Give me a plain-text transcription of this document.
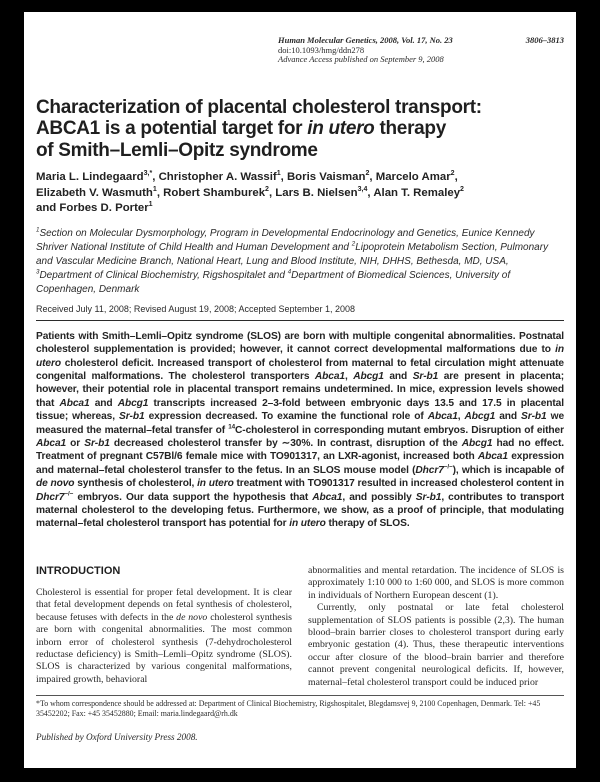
Human Molecular Genetics, 2008, Vol. 17, No. 23	3806–3813
doi:10.1093/hmg/ddn278
Advance Access published on September 9, 2008
Characterization of placental cholesterol transport:
ABCA1 is a potential target for in utero therapy
of Smith–Lemli–Opitz syndrome
Maria L. Lindegaard$^{3,*}$, Christopher A. Wassif$^1$, Boris Vaisman$^2$, Marcelo Amar$^2$,
Elizabeth V. Wasmuth$^1$, Robert Shamburek$^2$, Lars B. Nielsen$^{3,4}$, Alan T. Remaley$^2$
and Forbes D. Porter$^1$
$^1$Section on Molecular Dysmorphology, Program in Developmental Endocrinology and Genetics, Eunice Kennedy Shriver National Institute of Child Health and Human Development and $^2$Lipoprotein Metabolism Section, Pulmonary and Vascular Medicine Branch, National Heart, Lung and Blood Institute, NIH, DHHS, Bethesda, MD, USA, $^3$Department of Clinical Biochemistry, Rigshospitalet and $^4$Department of Biomedical Sciences, University of Copenhagen, Denmark
Received July 11, 2008; Revised August 19, 2008; Accepted September 1, 2008
Patients with Smith–Lemli–Opitz syndrome (SLOS) are born with multiple congenital abnormalities. Postnatal cholesterol supplementation is provided; however, it cannot correct developmental malformations due to in utero cholesterol deficit. Increased transport of cholesterol from maternal to fetal circulation might attenuate congenital malformations. The cholesterol transporters Abca1, Abcg1 and Sr-b1 are present in placenta; however, their potential role in placental transport remains undetermined. In mice, expression levels showed that Abca1 and Abcg1 transcripts increased 2–3-fold between embryonic days 13.5 and 17.5 in placental tissue; whereas, Sr-b1 expression decreased. To examine the functional role of Abca1, Abcg1 and Sr-b1 we measured the maternal–fetal transfer of $^{14}$C-cholesterol in corresponding mutant embryos. Disruption of either Abca1 or Sr-b1 decreased cholesterol transfer by ∼30%. In contrast, disruption of the Abcg1 had no effect. Treatment of pregnant C57Bl/6 female mice with TO901317, an LXR-agonist, increased both Abca1 expression and maternal–fetal cholesterol transfer to the fetus. In an SLOS mouse model (Dhcr7−/−), which is incapable of de novo synthesis of cholesterol, in utero treatment with TO901317 resulted in increased cholesterol content in Dhcr7−/− embryos. Our data support the hypothesis that Abca1, and possibly Sr-b1, contributes to transport maternal cholesterol to the developing fetus. Furthermore, we show, as a proof of principle, that modulating maternal–fetal cholesterol transport has potential for in utero therapy of SLOS.
INTRODUCTION

Cholesterol is essential for proper fetal development. It is clear that fetal development depends on fetal synthesis of cholesterol, because fetuses with defects in the de novo cholesterol synthesis are born with congenital abnormalities. The most common inborn error of cholesterol synthesis (7-dehydrocholesterol reductase deficiency) is Smith–Lemli–Opitz syndrome (SLOS). SLOS is characterized by various congenital malformations, impaired growth, behavioral

abnormalities and mental retardation. The incidence of SLOS is approximately 1:10 000 to 1:60 000, and SLOS is more common in individuals of Northern European descent (1).

Currently, only postnatal or late fetal cholesterol supplementation of SLOS patients is possible (2,3). The human blood–brain barrier closes to cholesterol transport during early embryonic gestation (4). Thus, these therapeutic interventions occur after closure of the blood–brain barrier and therefore cannot prevent congenital neurological deficits. If, however, maternal–fetal cholesterol transport could be induced prior

*To whom correspondence should be addressed at: Department of Clinical Biochemistry, Rigshospitalet, Blegdamsvej 9, 2100 Copenhagen, Denmark. Tel: +45 35452202; Fax: +45 35452880; Email: maria.lindegaard@rh.dk
Published by Oxford University Press 2008.
